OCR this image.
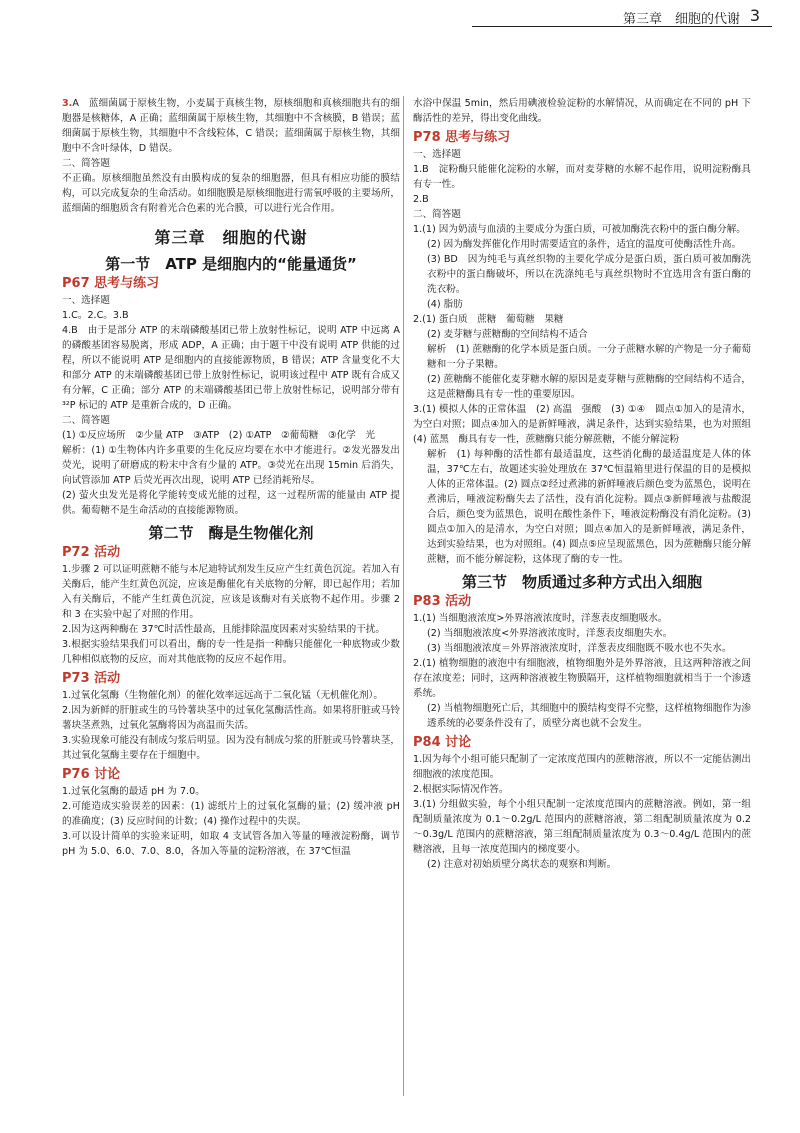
第三章　细胞的代谢 3

3.A　蓝细菌属于原核生物，小麦属于真核生物，原核细胞和真核细胞共有的细胞器是核糖体，A 正确；蓝细菌属于原核生物，其细胞中不含核膜，B 错误；蓝细菌属于原核生物，其细胞中不含线粒体，C 错误；蓝细菌属于原核生物，其细胞中不含叶绿体，D 错误。

二、简答题

不正确。原核细胞虽然没有由膜构成的复杂的细胞器，但具有相应功能的膜结构，可以完成复杂的生命活动。如细胞膜是原核细胞进行需氧呼吸的主要场所，蓝细菌的细胞质含有附着光合色素的光合膜，可以进行光合作用。

第三章　细胞的代谢
第一节　ATP 是细胞内的“能量通货”
P67 思考与练习

一、选择题

1.C。2.C。3.B

4.B　由于是部分 ATP 的末端磷酸基团已带上放射性标记，说明 ATP 中远离 A 的磷酸基团容易脱离，形成 ADP，A 正确；由于题干中没有说明 ATP 供能的过程，所以不能说明 ATP 是细胞内的直接能源物质，B 错误；ATP 含量变化不大和部分 ATP 的末端磷酸基团已带上放射性标记，说明该过程中 ATP 既有合成又有分解，C 正确；部分 ATP 的末端磷酸基团已带上放射性标记，说明部分带有³²P 标记的 ATP 是重新合成的，D 正确。

二、简答题

(1) ①反应场所　②少量 ATP　③ATP　(2) ①ATP　②葡萄糖　③化学　光

解析：(1) ①生物体内许多重要的生化反应均要在水中才能进行。②发光器发出荧光，说明了研磨成的粉末中含有少量的 ATP。③荧光在出现 15min 后消失，向试管添加 ATP 后荧光再次出现，说明 ATP 已经消耗殆尽。

(2) 萤火虫发光是将化学能转变成光能的过程，这一过程所需的能量由 ATP 提供。葡萄糖不是生命活动的直接能源物质。

第二节　酶是生物催化剂
P72 活动

1.步骤 2 可以证明蔗糖不能与本尼迪特试剂发生反应产生红黄色沉淀。若加入有关酶后，能产生红黄色沉淀，应该是酶催化有关底物的分解，即已起作用；若加入有关酶后，不能产生红黄色沉淀，应该是该酶对有关底物不起作用。步骤 2 和 3 在实验中起了对照的作用。

2.因为这两种酶在 37℃时活性最高，且能排除温度因素对实验结果的干扰。

3.根据实验结果我们可以看出，酶的专一性是指一种酶只能催化一种底物或少数几种相似底物的反应，而对其他底物的反应不起作用。

P73 活动

1.过氧化氢酶（生物催化剂）的催化效率远远高于二氧化锰（无机催化剂）。

2.因为新鲜的肝脏或生的马铃薯块茎中的过氧化氢酶活性高。如果将肝脏或马铃薯块茎煮熟，过氧化氢酶将因为高温而失活。

3.实验现象可能没有制成匀浆后明显。因为没有制成匀浆的肝脏或马铃薯块茎，其过氧化氢酶主要存在于细胞中。

P76 讨论

1.过氧化氢酶的最适 pH 为 7.0。

2.可能造成实验误差的因素：(1) 滤纸片上的过氧化氢酶的量；(2) 缓冲液 pH 的准确度；(3) 反应时间的计数；(4) 操作过程中的失误。

3.可以设计简单的实验来证明，如取 4 支试管各加入等量的唾液淀粉酶，调节 pH 为 5.0、6.0、7.0、8.0，各加入等量的淀粉溶液，在 37℃恒温

水浴中保温 5min，然后用碘液检验淀粉的水解情况，从而确定在不同的 pH 下酶活性的差异，得出变化曲线。

P78 思考与练习

一、选择题

1.B　淀粉酶只能催化淀粉的水解，而对麦芽糖的水解不起作用，说明淀粉酶具有专一性。

2.B

二、简答题

1.(1) 因为奶渍与血渍的主要成分为蛋白质，可被加酶洗衣粉中的蛋白酶分解。

(2) 因为酶发挥催化作用时需要适宜的条件，适宜的温度可使酶活性升高。

(3) BD　因为纯毛与真丝织物的主要化学成分是蛋白质，蛋白质可被加酶洗衣粉中的蛋白酶破坏，所以在洗涤纯毛与真丝织物时不宜选用含有蛋白酶的洗衣粉。

(4) 脂肪

2.(1) 蛋白质　蔗糖　葡萄糖　果糖

(2) 麦芽糖与蔗糖酶的空间结构不适合

解析　(1) 蔗糖酶的化学本质是蛋白质。一分子蔗糖水解的产物是一分子葡萄糖和一分子果糖。

(2) 蔗糖酶不能催化麦芽糖水解的原因是麦芽糖与蔗糖酶的空间结构不适合，这是蔗糖酶具有专一性的重要原因。

3.(1) 模拟人体的正常体温　(2) 高温　强酸　(3) ①④　圆点①加入的是清水，为空白对照；圆点④加入的是新鲜唾液，满足条件，达到实验结果，也为对照组　(4) 蓝黑　酶具有专一性，蔗糖酶只能分解蔗糖，不能分解淀粉

解析　(1) 每种酶的活性都有最适温度，这些消化酶的最适温度是人体的体温，37℃左右，故题述实验处理放在 37℃恒温箱里进行保温的目的是模拟人体的正常体温。(2) 圆点②经过煮沸的新鲜唾液后颜色变为蓝黑色，说明在煮沸后，唾液淀粉酶失去了活性，没有消化淀粉。圆点③新鲜唾液与盐酸混合后，颜色变为蓝黑色，说明在酸性条件下，唾液淀粉酶没有消化淀粉。(3) 圆点①加入的是清水，为空白对照；圆点④加入的是新鲜唾液，满足条件，达到实验结果，也为对照组。(4) 圆点⑤应呈现蓝黑色，因为蔗糖酶只能分解蔗糖，而不能分解淀粉，这体现了酶的专一性。

第三节　物质通过多种方式出入细胞
P83 活动

1.(1) 当细胞液浓度>外界溶液浓度时，洋葱表皮细胞吸水。

(2) 当细胞液浓度<外界溶液浓度时，洋葱表皮细胞失水。

(3) 当细胞液浓度＝外界溶液浓度时，洋葱表皮细胞既不吸水也不失水。

2.(1) 植物细胞的液泡中有细胞液，植物细胞外是外界溶液，且这两种溶液之间存在浓度差；同时，这两种溶液被生物膜隔开，这样植物细胞就相当于一个渗透系统。

(2) 当植物细胞死亡后，其细胞中的膜结构变得不完整，这样植物细胞作为渗透系统的必要条件没有了，质壁分离也就不会发生。

P84 讨论

1.因为每个小组可能只配制了一定浓度范围内的蔗糖溶液，所以不一定能估测出细胞液的浓度范围。

2.根据实际情况作答。

3.(1) 分组做实验，每个小组只配制一定浓度范围内的蔗糖溶液。例如，第一组配制质量浓度为 0.1～0.2g/L 范围内的蔗糖溶液，第二组配制质量浓度为 0.2～0.3g/L 范围内的蔗糖溶液，第三组配制质量浓度为 0.3～0.4g/L 范围内的蔗糖溶液，且每一浓度范围内的梯度要小。

(2) 注意对初始质壁分离状态的观察和判断。
